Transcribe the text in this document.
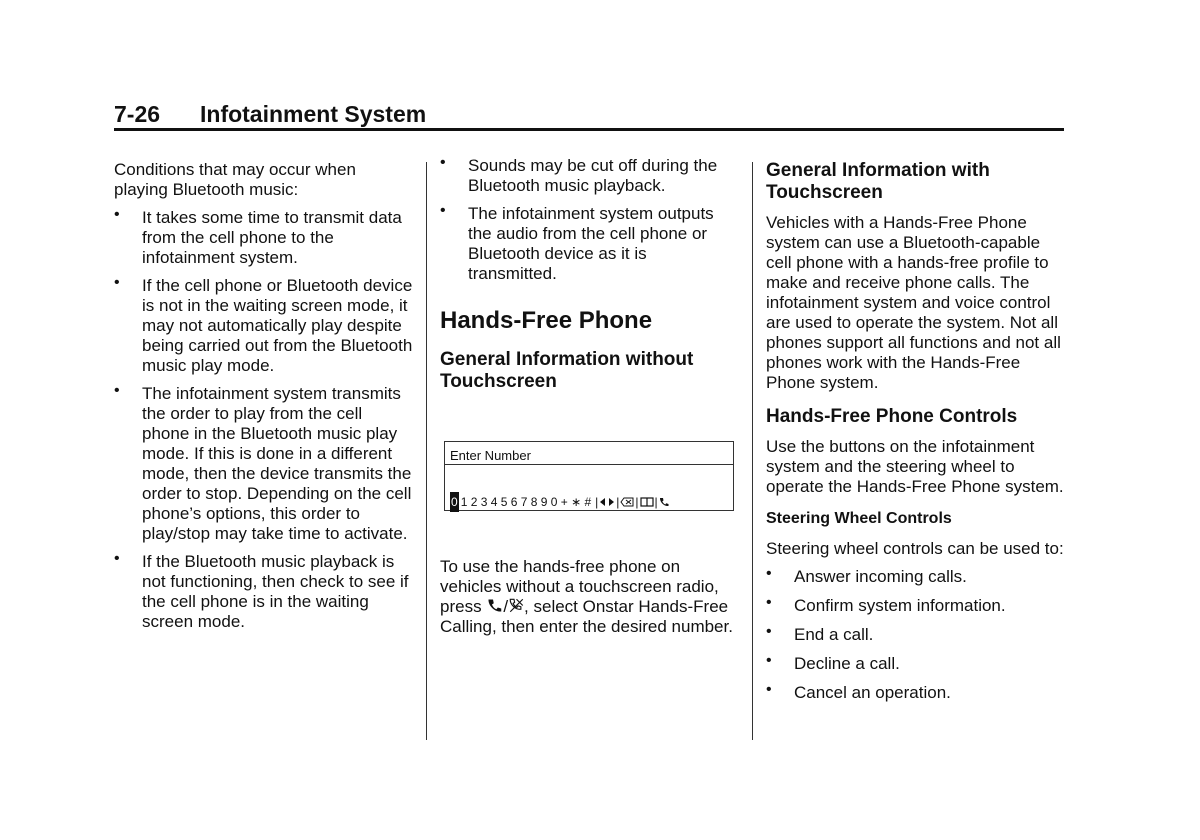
7-26 Infotainment System

Conditions that may occur when playing Bluetooth music:

• It takes some time to transmit data from the cell phone to the infotainment system.
• If the cell phone or Bluetooth device is not in the waiting screen mode, it may not automatically play despite being carried out from the Bluetooth music play mode.
• The infotainment system transmits the order to play from the cell phone in the Bluetooth music play mode. If this is done in a different mode, then the device transmits the order to stop. Depending on the cell phone’s options, this order to play/stop may take time to activate.
• If the Bluetooth music playback is not functioning, then check to see if the cell phone is in the waiting screen mode.
• Sounds may be cut off during the Bluetooth music playback.
• The infotainment system outputs the audio from the cell phone or Bluetooth device as it is transmitted.
Hands-Free Phone
General Information without Touchscreen
Enter Number
0 1 2 3 4 5 6 7 8 9 0 + ∗ # | | | |

To use the hands-free phone on vehicles without a touchscreen radio, press / , select Onstar Hands-Free Calling, then enter the desired number.

General Information with Touchscreen

Vehicles with a Hands-Free Phone system can use a Bluetooth-capable cell phone with a hands-free profile to make and receive phone calls. The infotainment system and voice control are used to operate the system. Not all phones support all functions and not all phones work with the Hands-Free Phone system.

Hands-Free Phone Controls

Use the buttons on the infotainment system and the steering wheel to operate the Hands-Free Phone system.

Steering Wheel Controls

Steering wheel controls can be used to:

• Answer incoming calls.
• Confirm system information.
• End a call.
• Decline a call.
• Cancel an operation.
